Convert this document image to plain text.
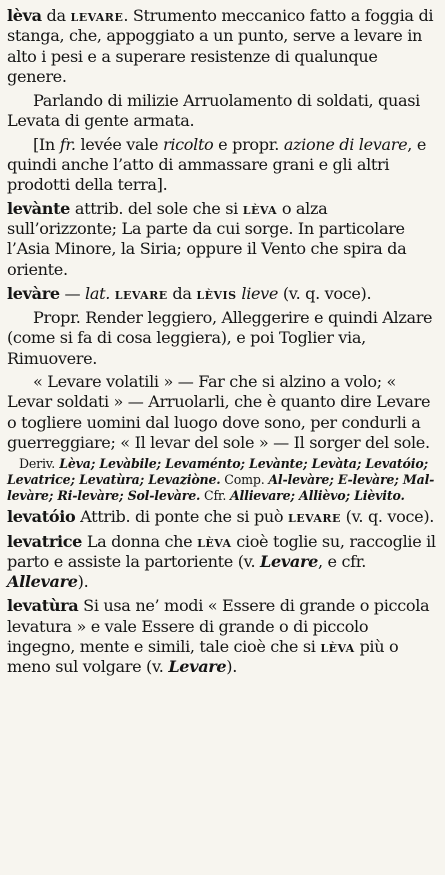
lèva da levare. Strumento meccanico fatto a foggia di stanga, che, appoggiato a un punto, serve a levare in alto i pesi e a superare resistenze di qualunque genere.

Parlando di milizie Arruolamento di soldati, quasi Levata di gente armata.

[In fr. levée vale ricolto e propr. azione di levare, e quindi anche l’atto di ammassare grani e gli altri prodotti della terra].

levànte attrib. del sole che si lèva o alza sull’orizzonte; La parte da cui sorge. In particolare l’Asia Minore, la Siria; oppure il Vento che spira da oriente.

levàre — lat. levare da lèvis lieve (v. q. voce).

Propr. Render leggiero, Alleggerire e quindi Alzare (come si fa di cosa leggiera), e poi Toglier via, Rimuovere.

« Levare volatili » — Far che si alzino a volo; « Levar soldati » — Arruolarli, che è quanto dire Levare o togliere uomini dal luogo dove sono, per condurli a guerreggiare; « Il levar del sole » — Il sorger del sole.

Deriv. Lèva; Levàbile; Levaménto; Levànte; Levàta; Levatóio; Levatrice; Levatùra; Levaziòne. Comp. Al-levàre; E-levàre; Mal-levàre; Ri-levàre; Sol-levàre. Cfr. Allievare; Allièvo; Lièvito.

levatóio Attrib. di ponte che si può levare (v. q. voce).

levatrice La donna che lèva cioè toglie su, raccoglie il parto e assiste la partoriente (v. Levare, e cfr. Allevare).

levatùra Si usa ne’ modi « Essere di grande o piccola levatura » e vale Essere di grande o di piccolo ingegno, mente e simili, tale cioè che si lèva più o meno sul volgare (v. Levare).
